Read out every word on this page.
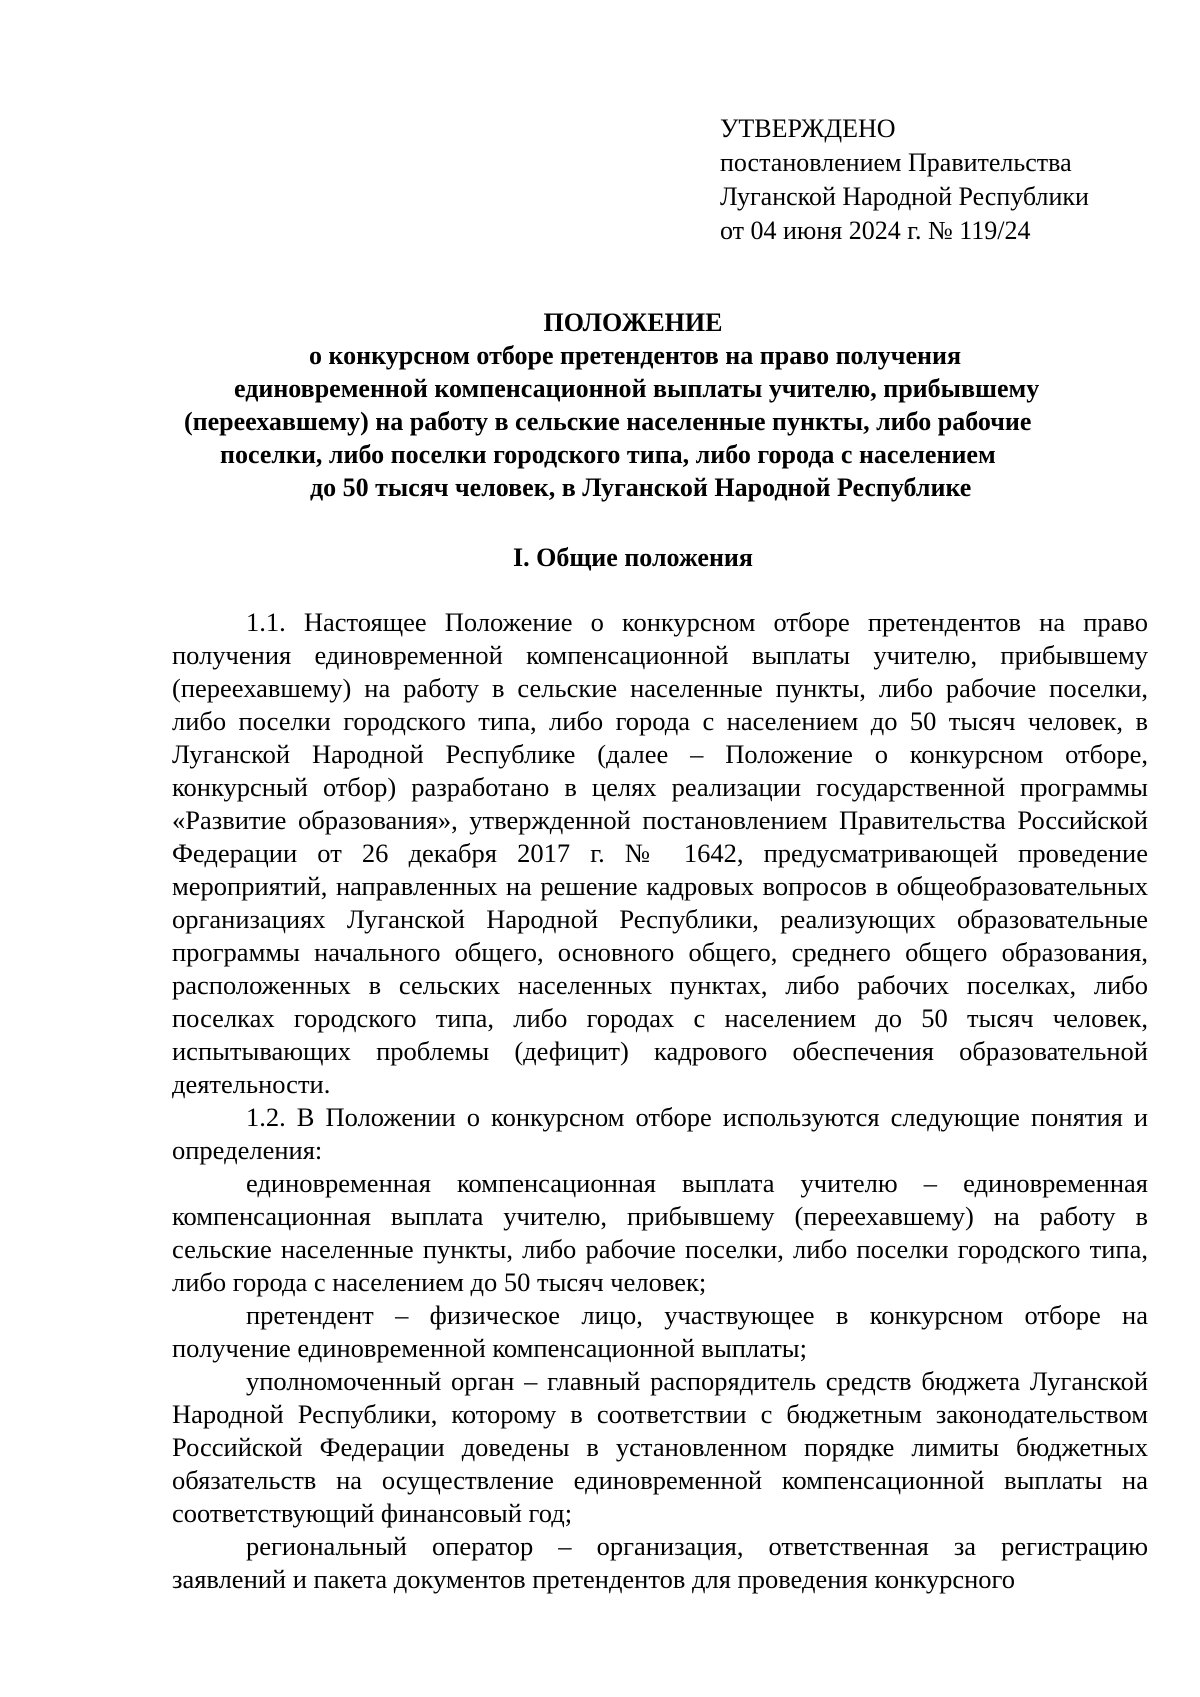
УТВЕРЖДЕНО
постановлением Правительства
Луганской Народной Республики
от 04 июня 2024 г. № 119/24
ПОЛОЖЕНИЕ
о конкурсном отборе претендентов на право получения
единовременной компенсационной выплаты учителю, прибывшему
(переехавшему) на работу в сельские населенные пункты, либо рабочие
поселки, либо поселки городского типа, либо города с населением
до 50 тысяч человек, в Луганской Народной Республике
I. Общие положения

1.1. Настоящее Положение о конкурсном отборе претендентов на право получения единовременной компенсационной выплаты учителю, прибывшему (переехавшему) на работу в сельские населенные пункты, либо рабочие поселки, либо поселки городского типа, либо города с населением до 50 тысяч человек, в Луганской Народной Республике (далее – Положение о конкурсном отборе, конкурсный отбор) разработано в целях реализации государственной программы «Развитие образования», утвержденной постановлением Правительства Российской Федерации от 26 декабря 2017 г. № 1642, предусматривающей проведение мероприятий, направленных на решение кадровых вопросов в общеобразовательных организациях Луганской Народной Республики, реализующих образовательные программы начального общего, основного общего, среднего общего образования, расположенных в сельских населенных пунктах, либо рабочих поселках, либо поселках городского типа, либо городах с населением до 50 тысяч человек, испытывающих проблемы (дефицит) кадрового обеспечения образовательной деятельности.

1.2. В Положении о конкурсном отборе используются следующие понятия и определения:

единовременная компенсационная выплата учителю – единовременная компенсационная выплата учителю, прибывшему (переехавшему) на работу в сельские населенные пункты, либо рабочие поселки, либо поселки городского типа, либо города с населением до 50 тысяч человек;

претендент – физическое лицо, участвующее в конкурсном отборе на получение единовременной компенсационной выплаты;

уполномоченный орган – главный распорядитель средств бюджета Луганской Народной Республики, которому в соответствии с бюджетным законодательством Российской Федерации доведены в установленном порядке лимиты бюджетных обязательств на осуществление единовременной компенсационной выплаты на соответствующий финансовый год;

региональный оператор – организация, ответственная за регистрацию заявлений и пакета документов претендентов для проведения конкурсного
